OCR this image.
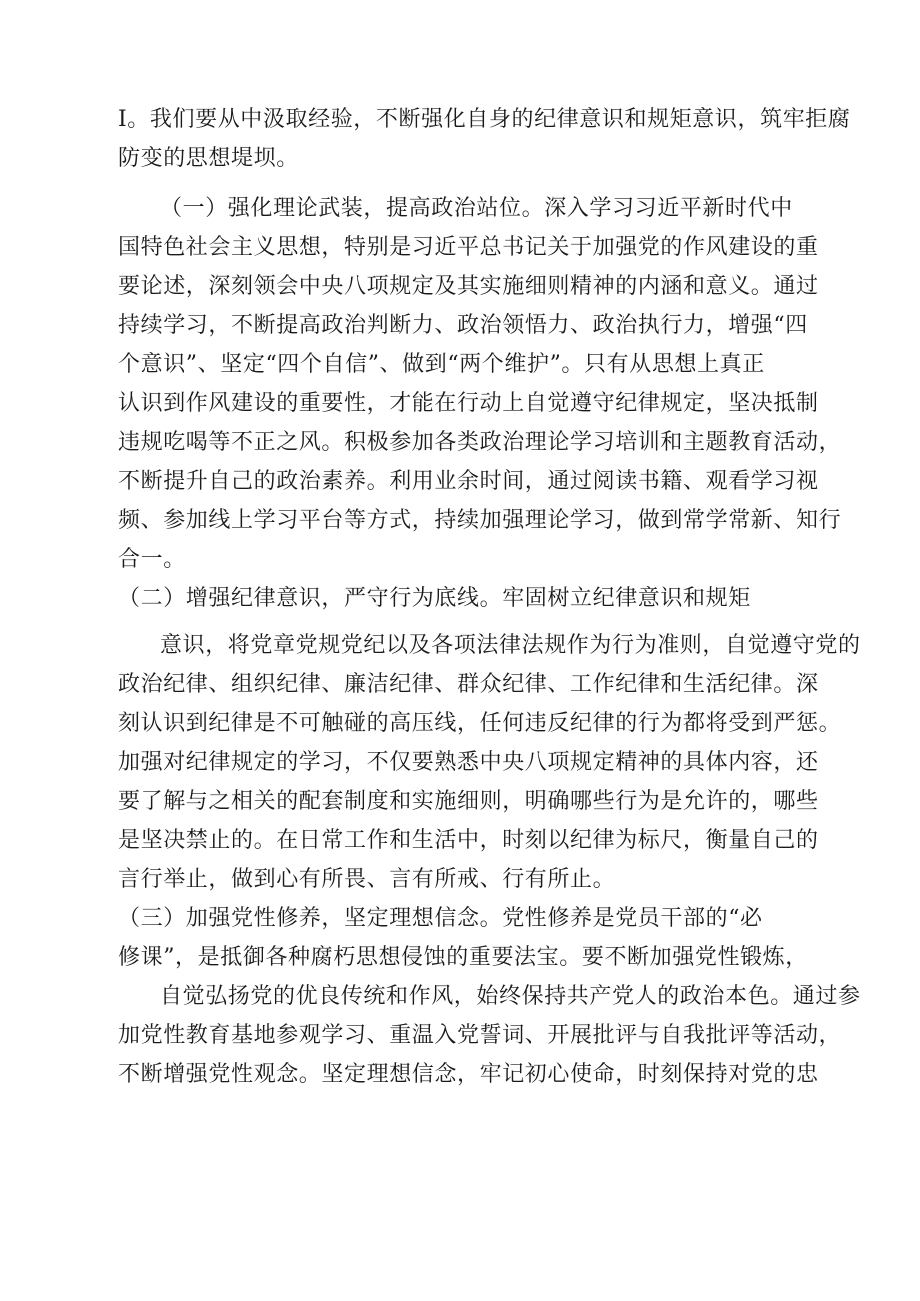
I。我们要从中汲取经验，不断强化自身的纪律意识和规矩意识，筑牢拒腐
防变的思想堤坝。
（一）强化理论武装，提高政治站位。深入学习习近平新时代中
国特色社会主义思想，特别是习近平总书记关于加强党的作风建设的重
要论述，深刻领会中央八项规定及其实施细则精神的内涵和意义。通过
持续学习，不断提高政治判断力、政治领悟力、政治执行力，增强“四
个意识”、坚定“四个自信”、做到“两个维护”。只有从思想上真正
认识到作风建设的重要性，才能在行动上自觉遵守纪律规定，坚决抵制
违规吃喝等不正之风。积极参加各类政治理论学习培训和主题教育活动，
不断提升自己的政治素养。利用业余时间，通过阅读书籍、观看学习视
频、参加线上学习平台等方式，持续加强理论学习，做到常学常新、知行
合一。
（二）增强纪律意识，严守行为底线。牢固树立纪律意识和规矩
意识，将党章党规党纪以及各项法律法规作为行为准则，自觉遵守党的
政治纪律、组织纪律、廉洁纪律、群众纪律、工作纪律和生活纪律。深
刻认识到纪律是不可触碰的高压线，任何违反纪律的行为都将受到严惩。
加强对纪律规定的学习，不仅要熟悉中央八项规定精神的具体内容，还
要了解与之相关的配套制度和实施细则，明确哪些行为是允许的，哪些
是坚决禁止的。在日常工作和生活中，时刻以纪律为标尺，衡量自己的
言行举止，做到心有所畏、言有所戒、行有所止。
（三）加强党性修养，坚定理想信念。党性修养是党员干部的“必
修课”，是抵御各种腐朽思想侵蚀的重要法宝。要不断加强党性锻炼，
自觉弘扬党的优良传统和作风，始终保持共产党人的政治本色。通过参
加党性教育基地参观学习、重温入党誓词、开展批评与自我批评等活动，
不断增强党性观念。坚定理想信念，牢记初心使命，时刻保持对党的忠
